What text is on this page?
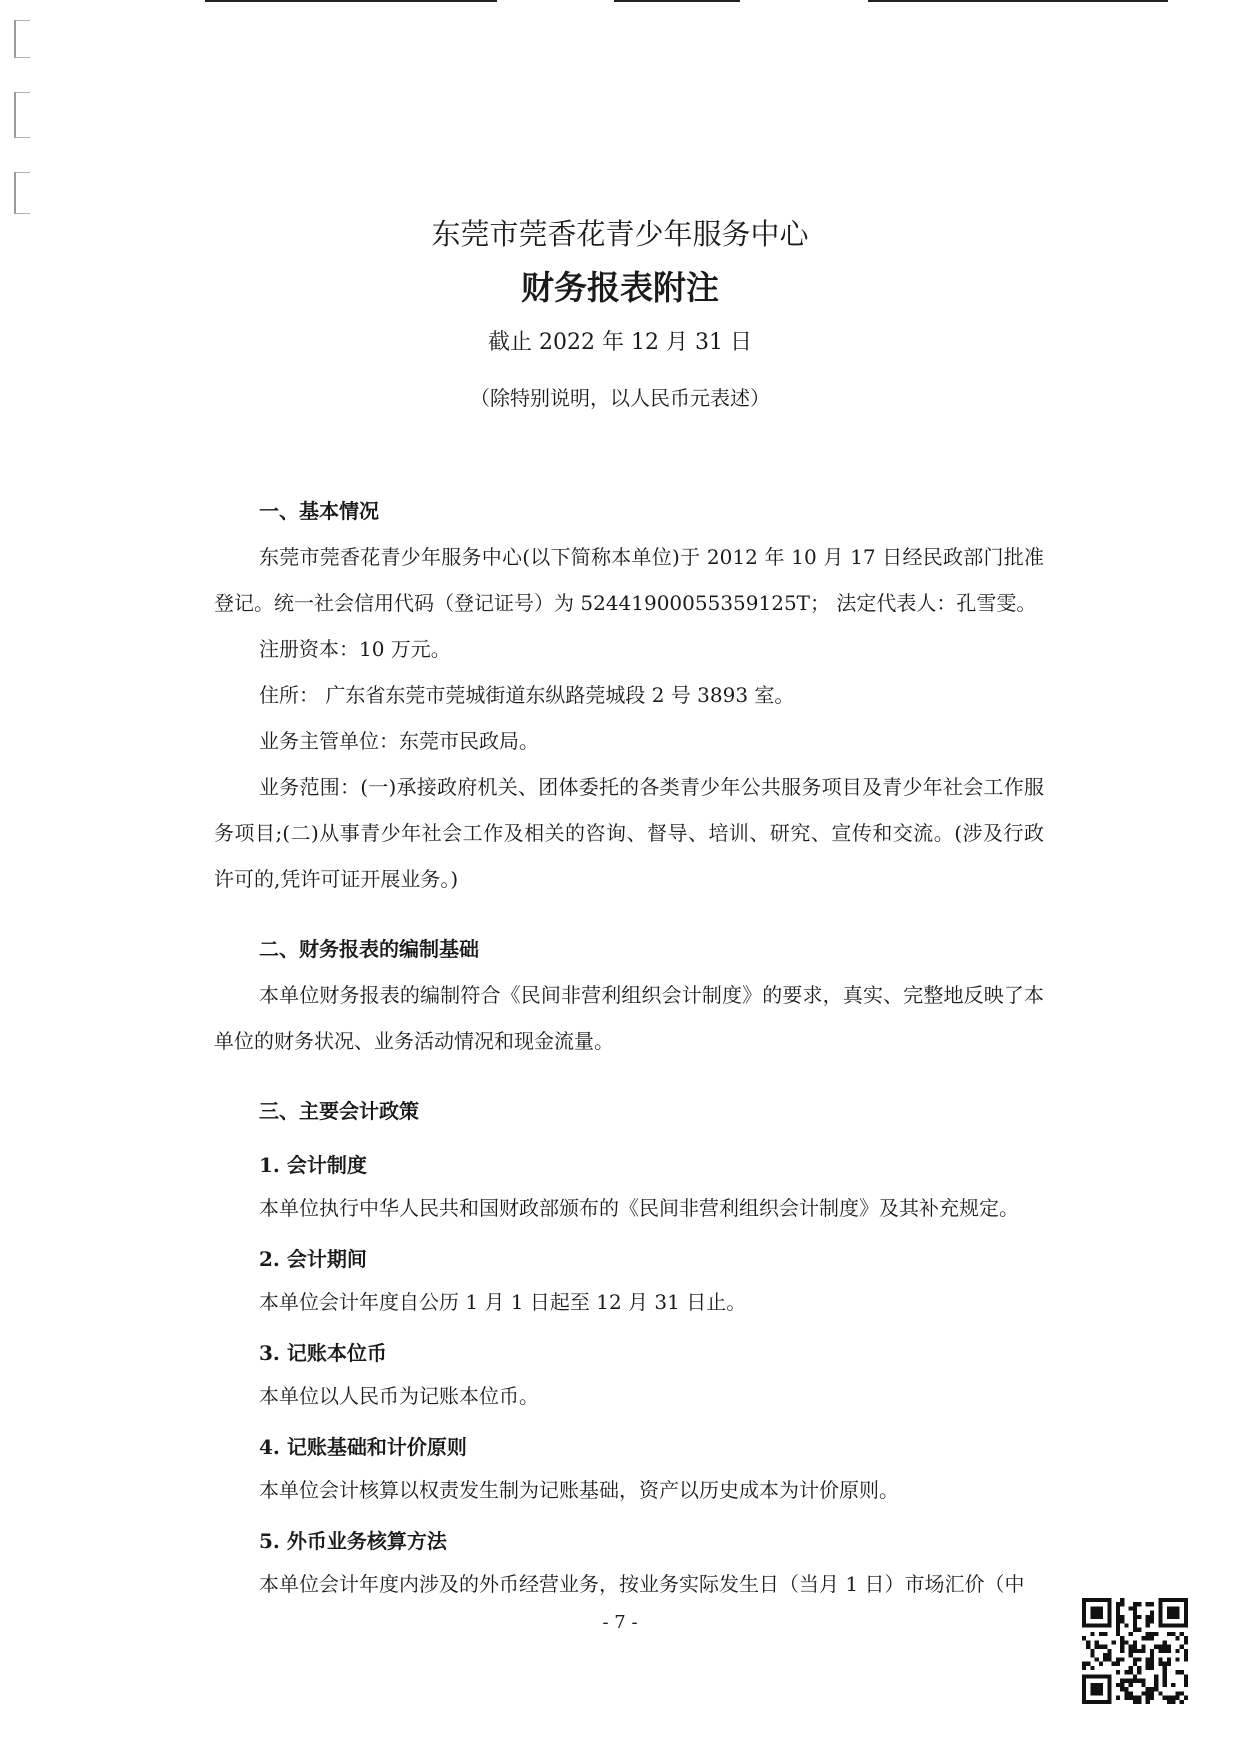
东莞市莞香花青少年服务中心
财务报表附注
截止 2022 年 12 月 31 日
（除特别说明，以人民币元表述）

一、基本情况

东莞市莞香花青少年服务中心(以下简称本单位)于 2012 年 10 月 17 日经民政部门批准登记。统一社会信用代码（登记证号）为 52441900055359125T； 法定代表人：孔雪雯。

注册资本：10 万元。

住所： 广东省东莞市莞城街道东纵路莞城段 2 号 3893 室。

业务主管单位：东莞市民政局。

业务范围：(一)承接政府机关、团体委托的各类青少年公共服务项目及青少年社会工作服务项目;(二)从事青少年社会工作及相关的咨询、督导、培训、研究、宣传和交流。(涉及行政许可的,凭许可证开展业务。)

二、财务报表的编制基础

本单位财务报表的编制符合《民间非营利组织会计制度》的要求，真实、完整地反映了本单位的财务状况、业务活动情况和现金流量。

三、主要会计政策

1. 会计制度

本单位执行中华人民共和国财政部颁布的《民间非营利组织会计制度》及其补充规定。

2. 会计期间

本单位会计年度自公历 1 月 1 日起至 12 月 31 日止。

3. 记账本位币

本单位以人民币为记账本位币。

4. 记账基础和计价原则

本单位会计核算以权责发生制为记账基础，资产以历史成本为计价原则。

5. 外币业务核算方法

本单位会计年度内涉及的外币经营业务，按业务实际发生日（当月 1 日）市场汇价（中

- 7 -
